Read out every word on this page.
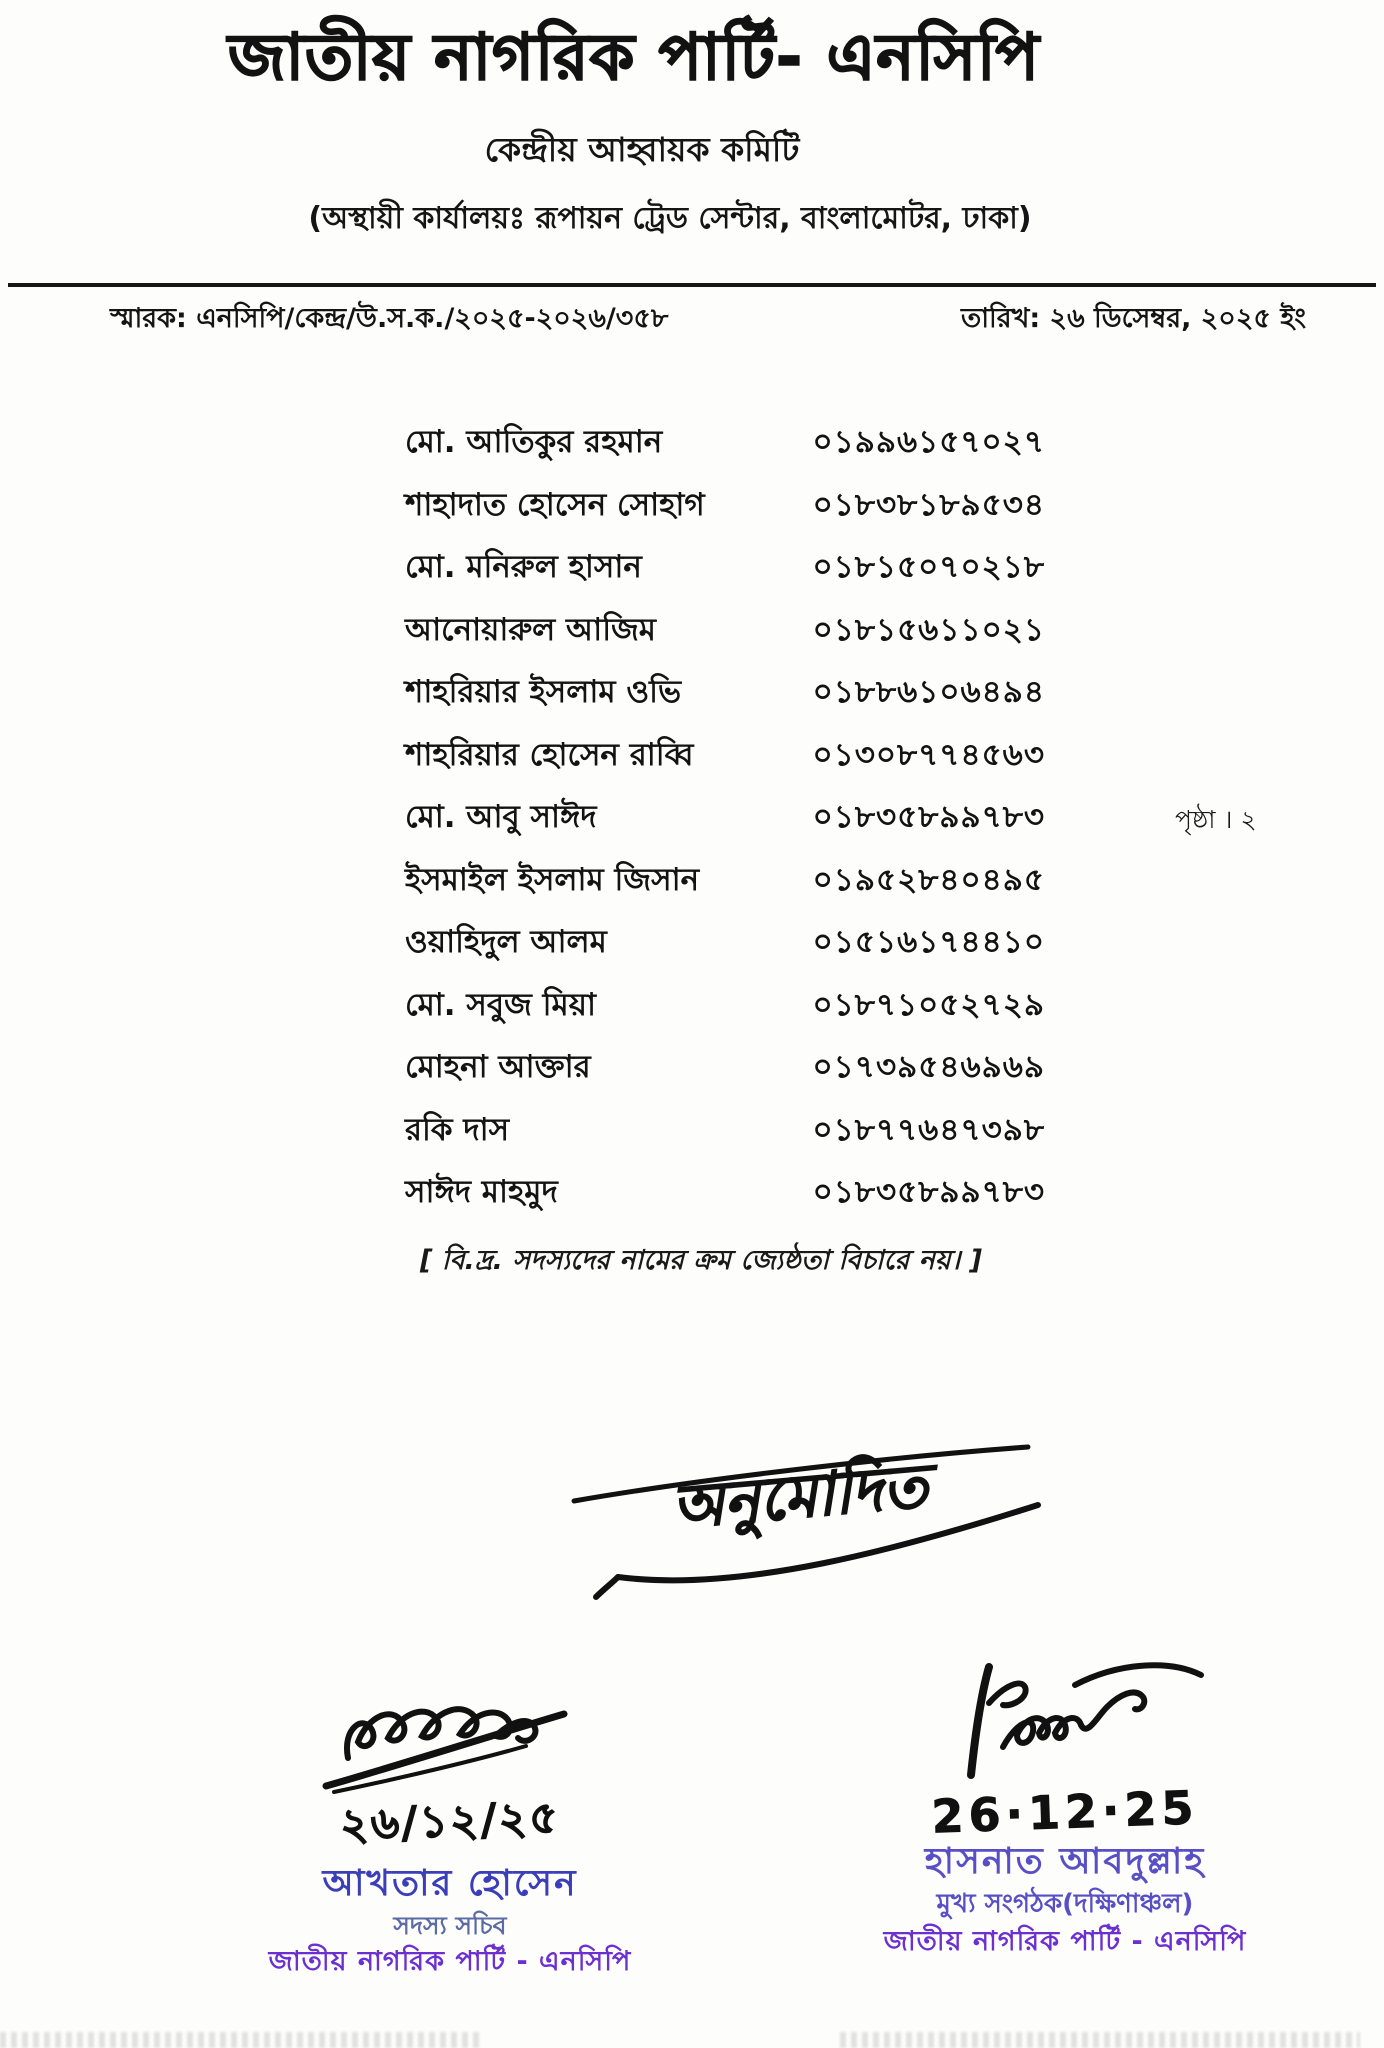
জাতীয় নাগরিক পার্টি- এনসিপি
কেন্দ্রীয় আহ্বায়ক কমিটি
(অস্থায়ী কার্যালয়ঃ রূপায়ন ট্রেড সেন্টার, বাংলামোটর, ঢাকা)
স্মারক: এনসিপি/কেন্দ্র/উ.স.ক./২০২৫-২০২৬/৩৫৮	তারিখ: ২৬ ডিসেম্বর, ২০২৫ ইং
মো. আতিকুর রহমান	০১৯৯৬১৫৭০২৭
শাহাদাত হোসেন সোহাগ	০১৮৩৮১৮৯৫৩৪
মো. মনিরুল হাসান	০১৮১৫০৭০২১৮
আনোয়ারুল আজিম	০১৮১৫৬১১০২১
শাহরিয়ার ইসলাম ওভি	০১৮৮৬১০৬৪৯৪
শাহরিয়ার হোসেন রাব্বি	০১৩০৮৭৭৪৫৬৩
মো. আবু সাঈদ	০১৮৩৫৮৯৯৭৮৩
ইসমাইল ইসলাম জিসান	০১৯৫২৮৪০৪৯৫
ওয়াহিদুল আলম	০১৫১৬১৭৪৪১০
মো. সবুজ মিয়া	০১৮৭১০৫২৭২৯
মোহনা আক্তার	০১৭৩৯৫৪৬৯৬৯
রকি দাস	০১৮৭৭৬৪৭৩৯৮
সাঈদ মাহমুদ	০১৮৩৫৮৯৯৭৮৩
পৃষ্ঠা । ২
[ বি.দ্র. সদস্যদের নামের ক্রম জ্যেষ্ঠতা বিচারে নয়। ]
অনুমোদিত
২৬/১২/২৫
আখতার হোসেন
সদস্য সচিব
জাতীয় নাগরিক পার্টি - এনসিপি
26·12·25
হাসনাত আবদুল্লাহ
মুখ্য সংগঠক(দক্ষিণাঞ্চল)
জাতীয় নাগরিক পার্টি - এনসিপি
